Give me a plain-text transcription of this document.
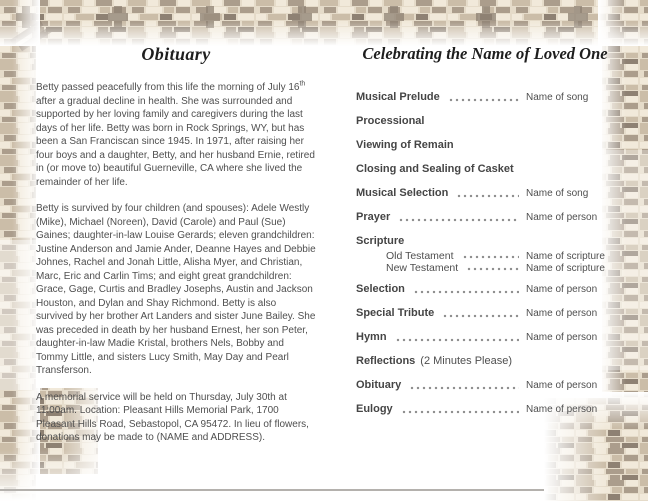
Obituary

Betty passed peacefully from this life the morning of July 16th after a gradual decline in health. She was surrounded and supported by her loving family and caregivers during the last days of her life. Betty was born in Rock Springs, WY, but has been a San Franciscan since 1945. In 1971, after raising her four boys and a daughter, Betty, and her husband Ernie, retired in (or move to) beautiful Guerneville, CA where she lived the remainder of her life.

Betty is survived by four children (and spouses): Adele Westly (Mike), Michael (Noreen), David (Carole) and Paul (Sue) Gaines; daughter-in-law Louise Gerards; eleven grandchildren: Justine Anderson and Jamie Ander, Deanne Hayes and Debbie Johnes, Rachel and Jonah Little, Alisha Myer, and Christian, Marc, Eric and Carlin Tims; and eight great grandchildren: Grace, Gage, Curtis and Bradley Josephs, Austin and Jackson Houston, and Dylan and Shay Richmond. Betty is also survived by her brother Art Landers and sister June Bailey. She was preceded in death by her husband Ernest, her son Peter, daughter-in-law Madie Kristal, brothers Nels, Bobby and Tommy Little, and sisters Lucy Smith, May Day and Pearl Transferson.

A memorial service will be held on Thursday, July 30th at 11:00am. Location: Pleasant Hills Memorial Park, 1700 Pleasant Hills Road, Sebastopol, CA 95472. In lieu of flowers, donations may be made to (NAME and ADDRESS).

Celebrating the Name of Loved One
Musical Prelude	Name of song
Processional
Viewing of Remain
Closing and Sealing of Casket
Musical Selection	Name of song
Prayer	Name of person
Scripture
Old Testament	Name of scripture
New Testament	Name of scripture
Selection	Name of person
Special Tribute	Name of person
Hymn	Name of person
Reflections (2 Minutes Please)
Obituary	Name of person
Eulogy	Name of person
